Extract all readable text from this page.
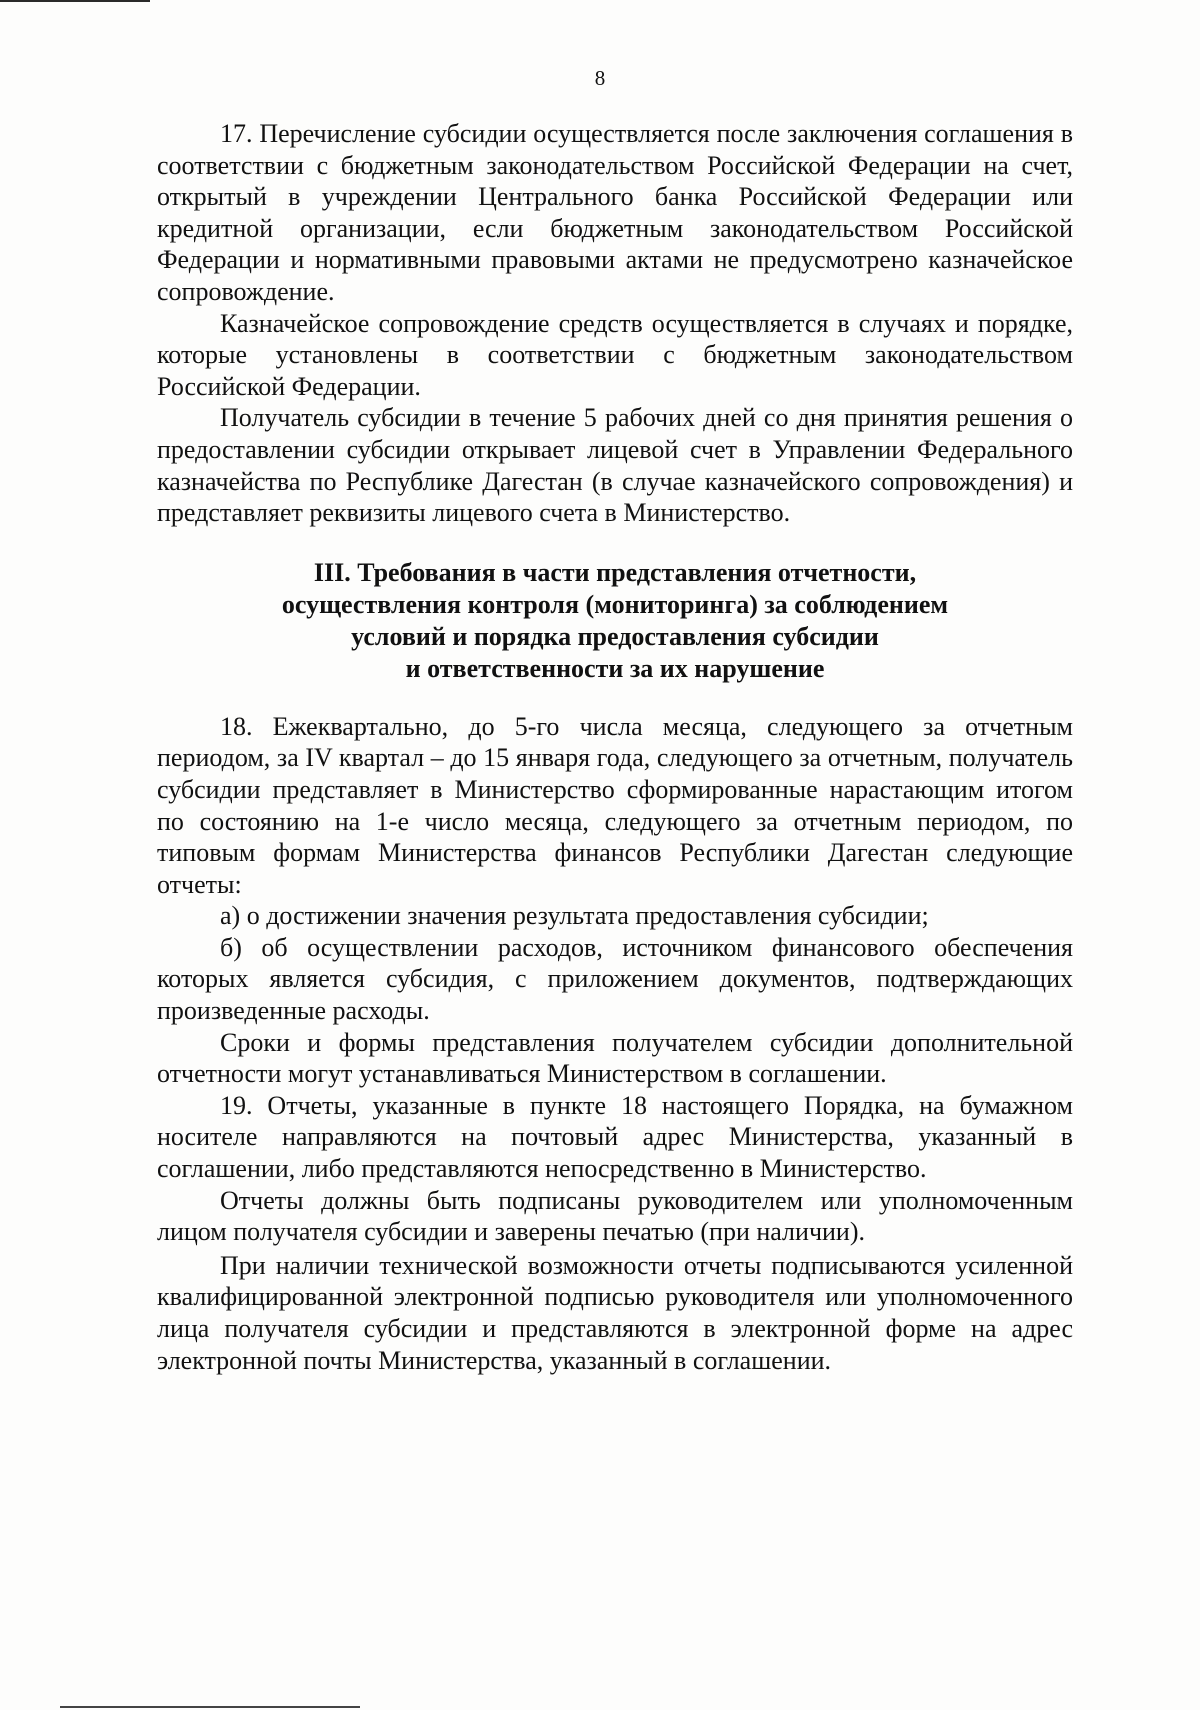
8

17. Перечисление субсидии осуществляется после заключения соглашения в соответствии с бюджетным законодательством Российской Федерации на счет, открытый в учреждении Центрального банка Российской Федерации или кредитной организации, если бюджетным законодательством Российской Федерации и нормативными правовыми актами не предусмотрено казначейское сопровождение.

Казначейское сопровождение средств осуществляется в случаях и порядке, которые установлены в соответствии с бюджетным законодательством Российской Федерации.

Получатель субсидии в течение 5 рабочих дней со дня принятия решения о предоставлении субсидии открывает лицевой счет в Управлении Федерального казначейства по Республике Дагестан (в случае казначейского сопровождения) и представляет реквизиты лицевого счета в Министерство.

III. Требования в части представления отчетности,
осуществления контроля (мониторинга) за соблюдением
условий и порядка предоставления субсидии
и ответственности за их нарушение

18. Ежеквартально, до 5-го числа месяца, следующего за отчетным периодом, за IV квартал – до 15 января года, следующего за отчетным, получатель субсидии представляет в Министерство сформированные нарастающим итогом по состоянию на 1-е число месяца, следующего за отчетным периодом, по типовым формам Министерства финансов Республики Дагестан следующие отчеты:

а) о достижении значения результата предоставления субсидии;

б) об осуществлении расходов, источником финансового обеспечения которых является субсидия, с приложением документов, подтверждающих произведенные расходы.

Сроки и формы представления получателем субсидии дополнительной отчетности могут устанавливаться Министерством в соглашении.

19. Отчеты, указанные в пункте 18 настоящего Порядка, на бумажном носителе направляются на почтовый адрес Министерства, указанный в соглашении, либо представляются непосредственно в Министерство.

Отчеты должны быть подписаны руководителем или уполномоченным лицом получателя субсидии и заверены печатью (при наличии).

При наличии технической возможности отчеты подписываются усиленной квалифицированной электронной подписью руководителя или уполномоченного лица получателя субсидии и представляются в электронной форме на адрес электронной почты Министерства, указанный в соглашении.
